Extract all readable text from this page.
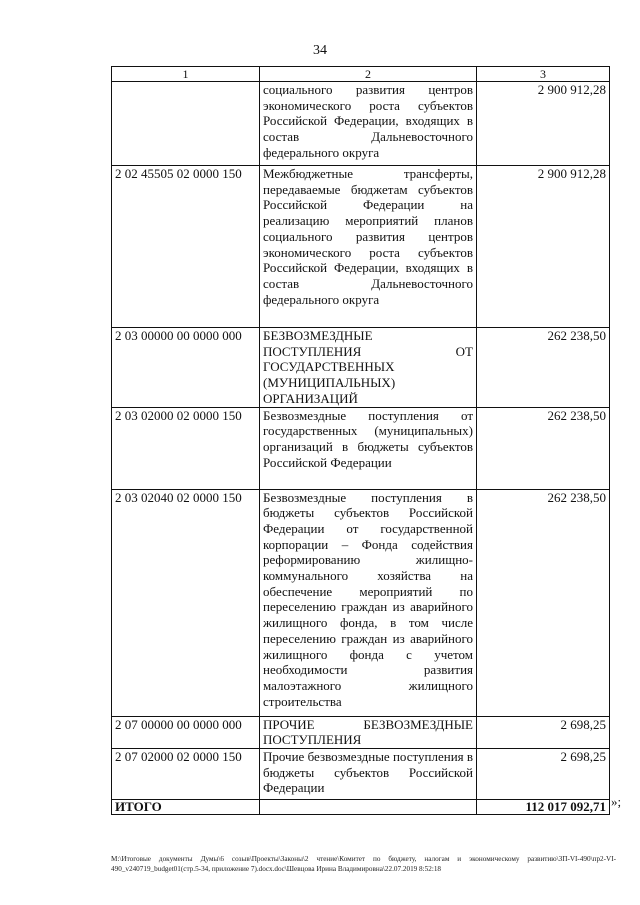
34
1	2	3
	социального развития центров экономического роста субъектов Российской Федерации, входящих в состав Дальневосточного федерального округа	2 900 912,28
2 02 45505 02 0000 150	Межбюджетные трансферты, передаваемые бюджетам субъектов Российской Федерации на реализацию мероприятий планов социального развития центров экономического роста субъектов Российской Федерации, входящих в состав Дальневосточного федерального округа	2 900 912,28
2 03 00000 00 0000 000	БЕЗВОЗМЕЗДНЫЕ ПОСТУПЛЕНИЯ ОТ ГОСУДАРСТВЕННЫХ (МУНИЦИПАЛЬНЫХ) ОРГАНИЗАЦИЙ	262 238,50
2 03 02000 02 0000 150	Безвозмездные поступления от государственных (муниципальных) организаций в бюджеты субъектов Российской Федерации	262 238,50
2 03 02040 02 0000 150	Безвозмездные поступления в бюджеты субъектов Российской Федерации от государственной корпорации – Фонда содействия реформированию жилищно-коммунального хозяйства на обеспечение мероприятий по переселению граждан из аварийного жилищного фонда, в том числе переселению граждан из аварийного жилищного фонда с учетом необходимости развития малоэтажного жилищного строительства	262 238,50
2 07 00000 00 0000 000	ПРОЧИЕ БЕЗВОЗМЕЗДНЫЕ ПОСТУПЛЕНИЯ	2 698,25
2 07 02000 02 0000 150	Прочие безвозмездные поступления в бюджеты субъектов Российской Федерации	2 698,25
ИТОГО		112 017 092,71 »;
M:\Итоговые документы Думы\6 созыв\Проекты\Законы\2 чтение\Комитет по бюджету, налогам и экономическому развитию\ЗП-VI-490\пр2-VI-490_v240719_budget01(стр.5-34, приложение 7).docx.doc\Шевцова Ирина Владимировна\22.07.2019 8:52:18
